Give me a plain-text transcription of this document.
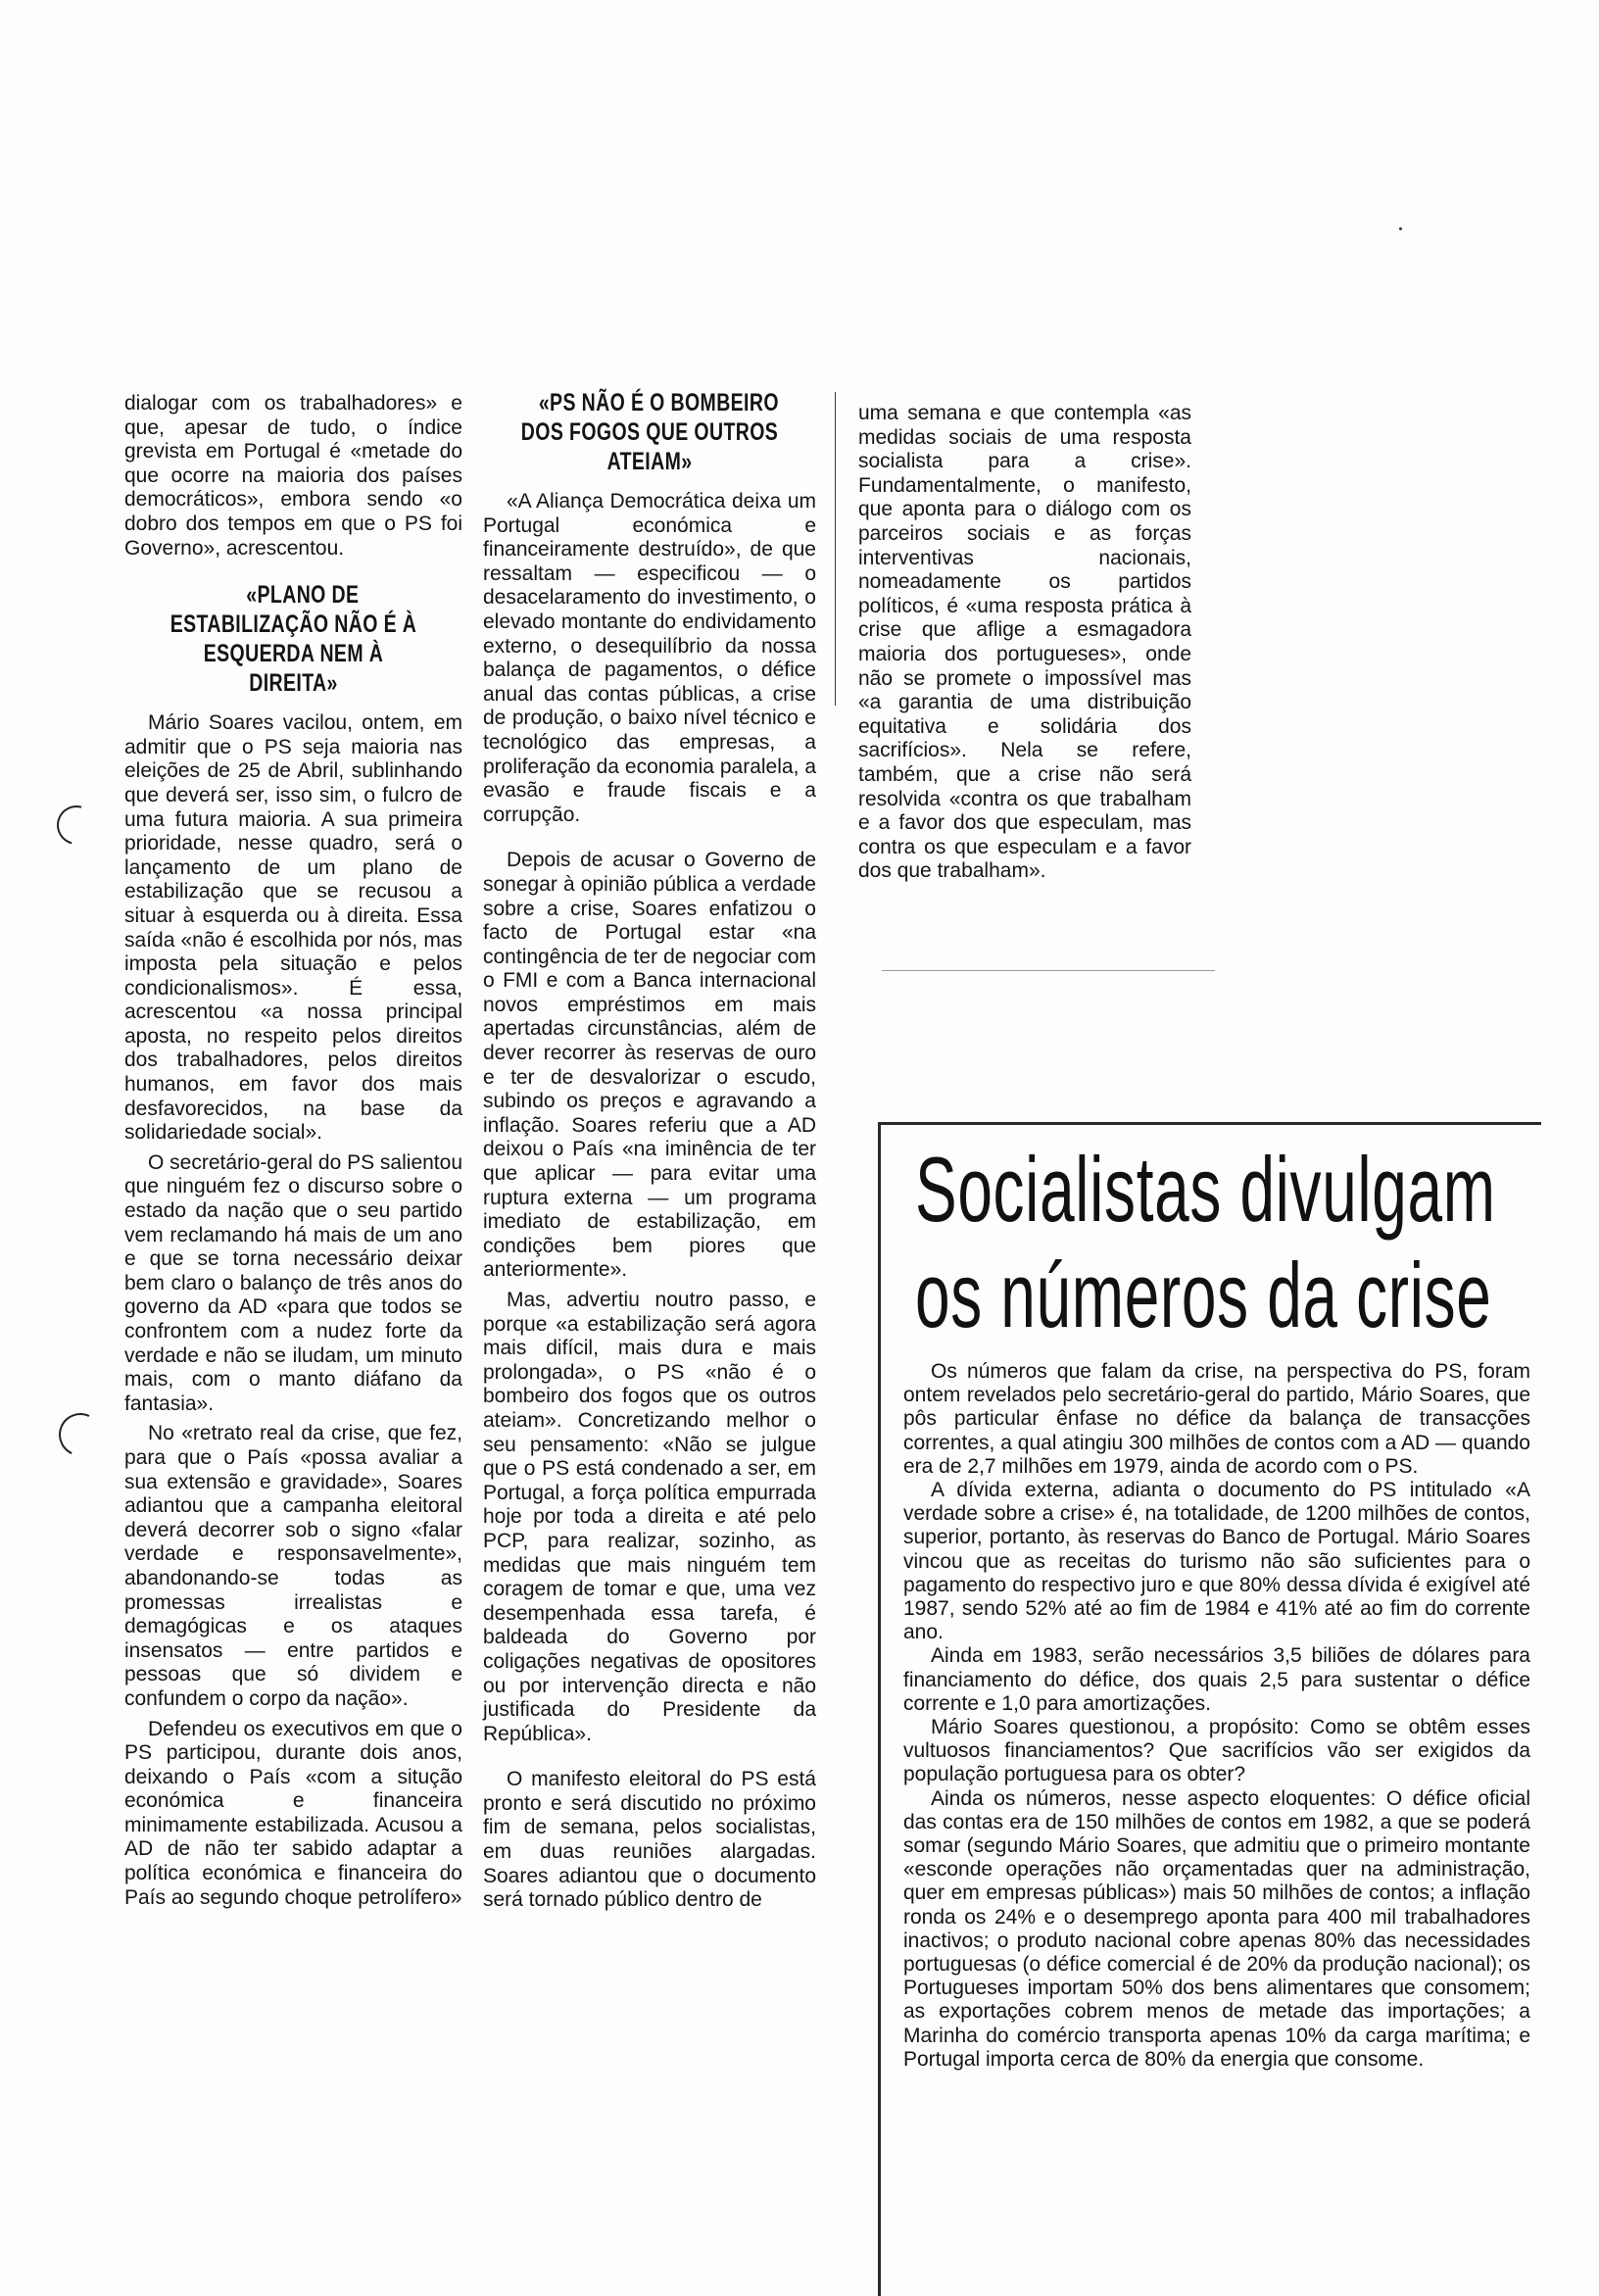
dialogar com os trabalhadores» e que, apesar de tudo, o índice grevista em Portugal é «metade do que ocorre na maioria dos países democráticos», embora sendo «o dobro dos tempos em que o PS foi Governo», acrescentou.

«PLANO DE ESTABILIZAÇÃO NÃO É À ESQUERDA NEM À DIREITA»

Mário Soares vacilou, ontem, em admitir que o PS seja maioria nas eleições de 25 de Abril, sublinhando que deverá ser, isso sim, o fulcro de uma futura maioria. A sua primeira prioridade, nesse quadro, será o lançamento de um plano de estabilização que se recusou a situar à esquerda ou à direita. Essa saída «não é escolhida por nós, mas imposta pela situação e pelos condicionalismos». É essa, acrescentou «a nossa principal aposta, no respeito pelos direitos dos trabalhadores, pelos direitos humanos, em favor dos mais desfavorecidos, na base da solidariedade social».

O secretário-geral do PS salientou que ninguém fez o discurso sobre o estado da nação que o seu partido vem reclamando há mais de um ano e que se torna necessário deixar bem claro o balanço de três anos do governo da AD «para que todos se confrontem com a nudez forte da verdade e não se iludam, um minuto mais, com o manto diáfano da fantasia».

No «retrato real da crise, que fez, para que o País «possa avaliar a sua extensão e gravidade», Soares adiantou que a campanha eleitoral deverá decorrer sob o signo «falar verdade e responsavelmente», abandonando-se todas as promessas irrealistas e demagógicas e os ataques insensatos — entre partidos e pessoas que só dividem e confundem o corpo da nação».

Defendeu os executivos em que o PS participou, durante dois anos, deixando o País «com a situção económica e financeira minimamente estabilizada. Acusou a AD de não ter sabido adaptar a política económica e financeira do País ao segundo choque petrolífero»

«PS NÃO É O BOMBEIRO DOS FOGOS QUE OUTROS ATEIAM»

«A Aliança Democrática deixa um Portugal económica e financeiramente destruído», de que ressaltam — especificou — o desacelaramento do investimento, o elevado montante do endividamento externo, o desequilíbrio da nossa balança de pagamentos, o défice anual das contas públicas, a crise de produção, o baixo nível técnico e tecnológico das empresas, a proliferação da economia paralela, a evasão e fraude fiscais e a corrupção.

Depois de acusar o Governo de sonegar à opinião pública a verdade sobre a crise, Soares enfatizou o facto de Portugal estar «na contingência de ter de negociar com o FMI e com a Banca internacional novos empréstimos em mais apertadas circunstâncias, além de dever recorrer às reservas de ouro e ter de desvalorizar o escudo, subindo os preços e agravando a inflação. Soares referiu que a AD deixou o País «na iminência de ter que aplicar — para evitar uma ruptura externa — um programa imediato de estabilização, em condições bem piores que anteriormente».

Mas, advertiu noutro passo, e porque «a estabilização será agora mais difícil, mais dura e mais prolongada», o PS «não é o bombeiro dos fogos que os outros ateiam». Concretizando melhor o seu pensamento: «Não se julgue que o PS está condenado a ser, em Portugal, a força política empurrada hoje por toda a direita e até pelo PCP, para realizar, sozinho, as medidas que mais ninguém tem coragem de tomar e que, uma vez desempenhada essa tarefa, é baldeada do Governo por coligações negativas de opositores ou por intervenção directa e não justificada do Presidente da República».

O manifesto eleitoral do PS está pronto e será discutido no próximo fim de semana, pelos socialistas, em duas reuniões alargadas. Soares adiantou que o documento será tornado público dentro de

uma semana e que contempla «as medidas sociais de uma resposta socialista para a crise». Fundamentalmente, o manifesto, que aponta para o diálogo com os parceiros sociais e as forças interventivas nacionais, nomeadamente os partidos políticos, é «uma resposta prática à crise que aflige a esmagadora maioria dos portugueses», onde não se promete o impossível mas «a garantia de uma distribuição equitativa e solidária dos sacrifícios». Nela se refere, também, que a crise não será resolvida «contra os que trabalham e a favor dos que especulam, mas contra os que especulam e a favor dos que trabalham».

Socialistas divulgam
os números da crise

Os números que falam da crise, na perspectiva do PS, foram ontem revelados pelo secretário-geral do partido, Mário Soares, que pôs particular ênfase no défice da balança de transacções correntes, a qual atingiu 300 milhões de contos com a AD — quando era de 2,7 milhões em 1979, ainda de acordo com o PS.

A dívida externa, adianta o documento do PS intitulado «A verdade sobre a crise» é, na totalidade, de 1200 milhões de contos, superior, portanto, às reservas do Banco de Portugal. Mário Soares vincou que as receitas do turismo não são suficientes para o pagamento do respectivo juro e que 80% dessa dívida é exigível até 1987, sendo 52% até ao fim de 1984 e 41% até ao fim do corrente ano.

Ainda em 1983, serão necessários 3,5 biliões de dólares para financiamento do défice, dos quais 2,5 para sustentar o défice corrente e 1,0 para amortizações.

Mário Soares questionou, a propósito: Como se obtêm esses vultuosos financiamentos? Que sacrifícios vão ser exigidos da população portuguesa para os obter?

Ainda os números, nesse aspecto eloquentes: O défice oficial das contas era de 150 milhões de contos em 1982, a que se poderá somar (segundo Mário Soares, que admitiu que o primeiro montante «esconde operações não orçamentadas quer na administração, quer em empresas públicas») mais 50 milhões de contos; a inflação ronda os 24% e o desemprego aponta para 400 mil trabalhadores inactivos; o produto nacional cobre apenas 80% das necessidades portuguesas (o défice comercial é de 20% da produção nacional); os Portugueses importam 50% dos bens alimentares que consomem; as exportações cobrem menos de metade das importações; a Marinha do comércio transporta apenas 10% da carga marítima; e Portugal importa cerca de 80% da energia que consome.
